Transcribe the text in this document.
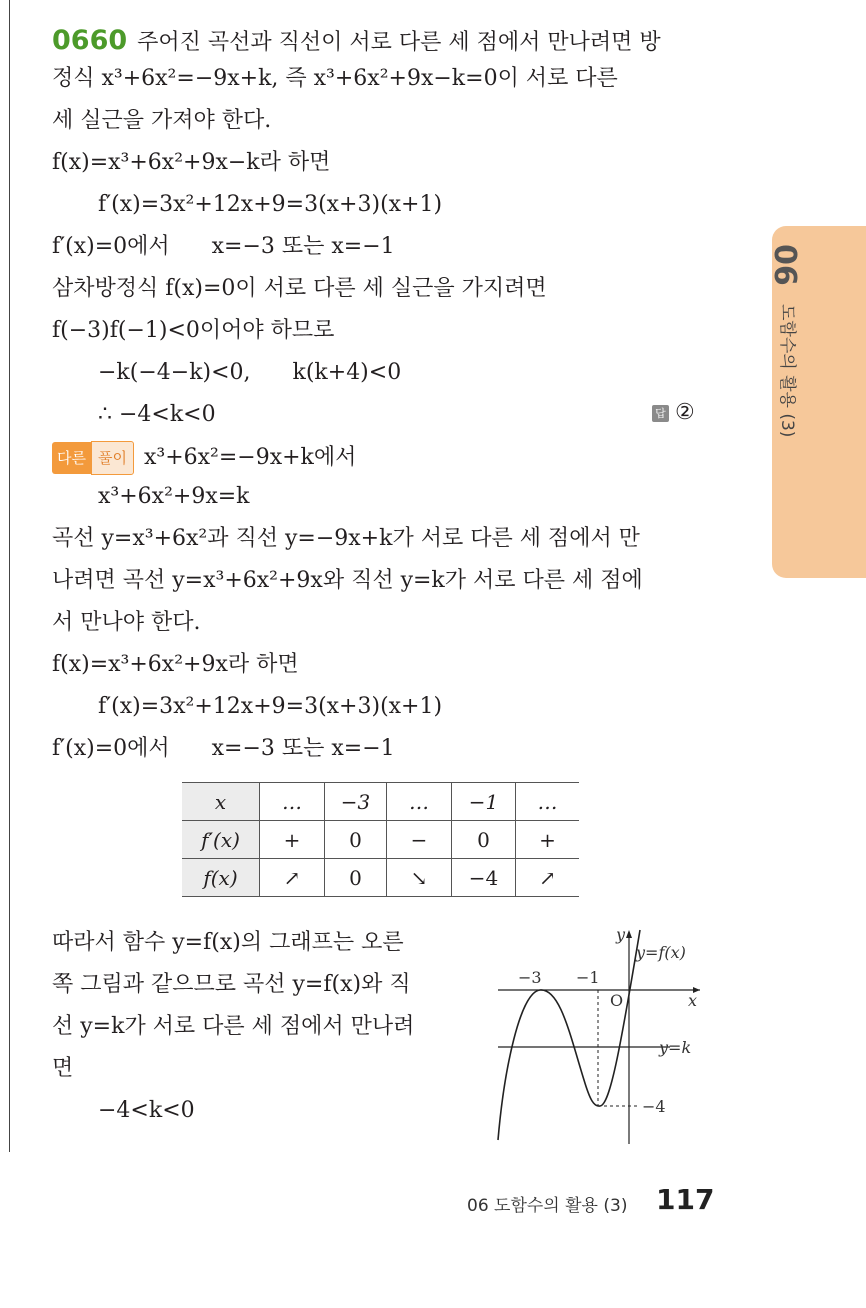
0660 주어진 곡선과 직선이 서로 다른 세 점에서 만나려면 방
정식 x³+6x²=−9x+k, 즉 x³+6x²+9x−k=0이 서로 다른
세 실근을 가져야 한다.
f(x)=x³+6x²+9x−k라 하면
f′(x)=3x²+12x+9=3(x+3)(x+1)
f′(x)=0에서      x=−3 또는 x=−1
삼차방정식 f(x)=0이 서로 다른 세 실근을 가지려면
f(−3)f(−1)<0이어야 하므로
−k(−4−k)<0,      k(k+4)<0
∴ −4<k<0	답 ②
다른 풀이 x³+6x²=−9x+k에서
x³+6x²+9x=k
곡선 y=x³+6x²과 직선 y=−9x+k가 서로 다른 세 점에서 만
나려면 곡선 y=x³+6x²+9x와 직선 y=k가 서로 다른 세 점에
서 만나야 한다.
f(x)=x³+6x²+9x라 하면
f′(x)=3x²+12x+9=3(x+3)(x+1)
f′(x)=0에서      x=−3 또는 x=−1
x	…	−3	…	−1	…
f′(x)	+	0	−	0	+
f(x)	↗	0	↘	−4	↗
따라서 함수 y=f(x)의 그래프는 오른
쪽 그림과 같으므로 곡선 y=f(x)와 직
선 y=k가 서로 다른 세 점에서 만나려
면
−4<k<0
y
y=f(x)
x
O
−3 −1
y=k
−4
06
도함수의 활용 (3)
06 도함수의 활용 (3) 117
